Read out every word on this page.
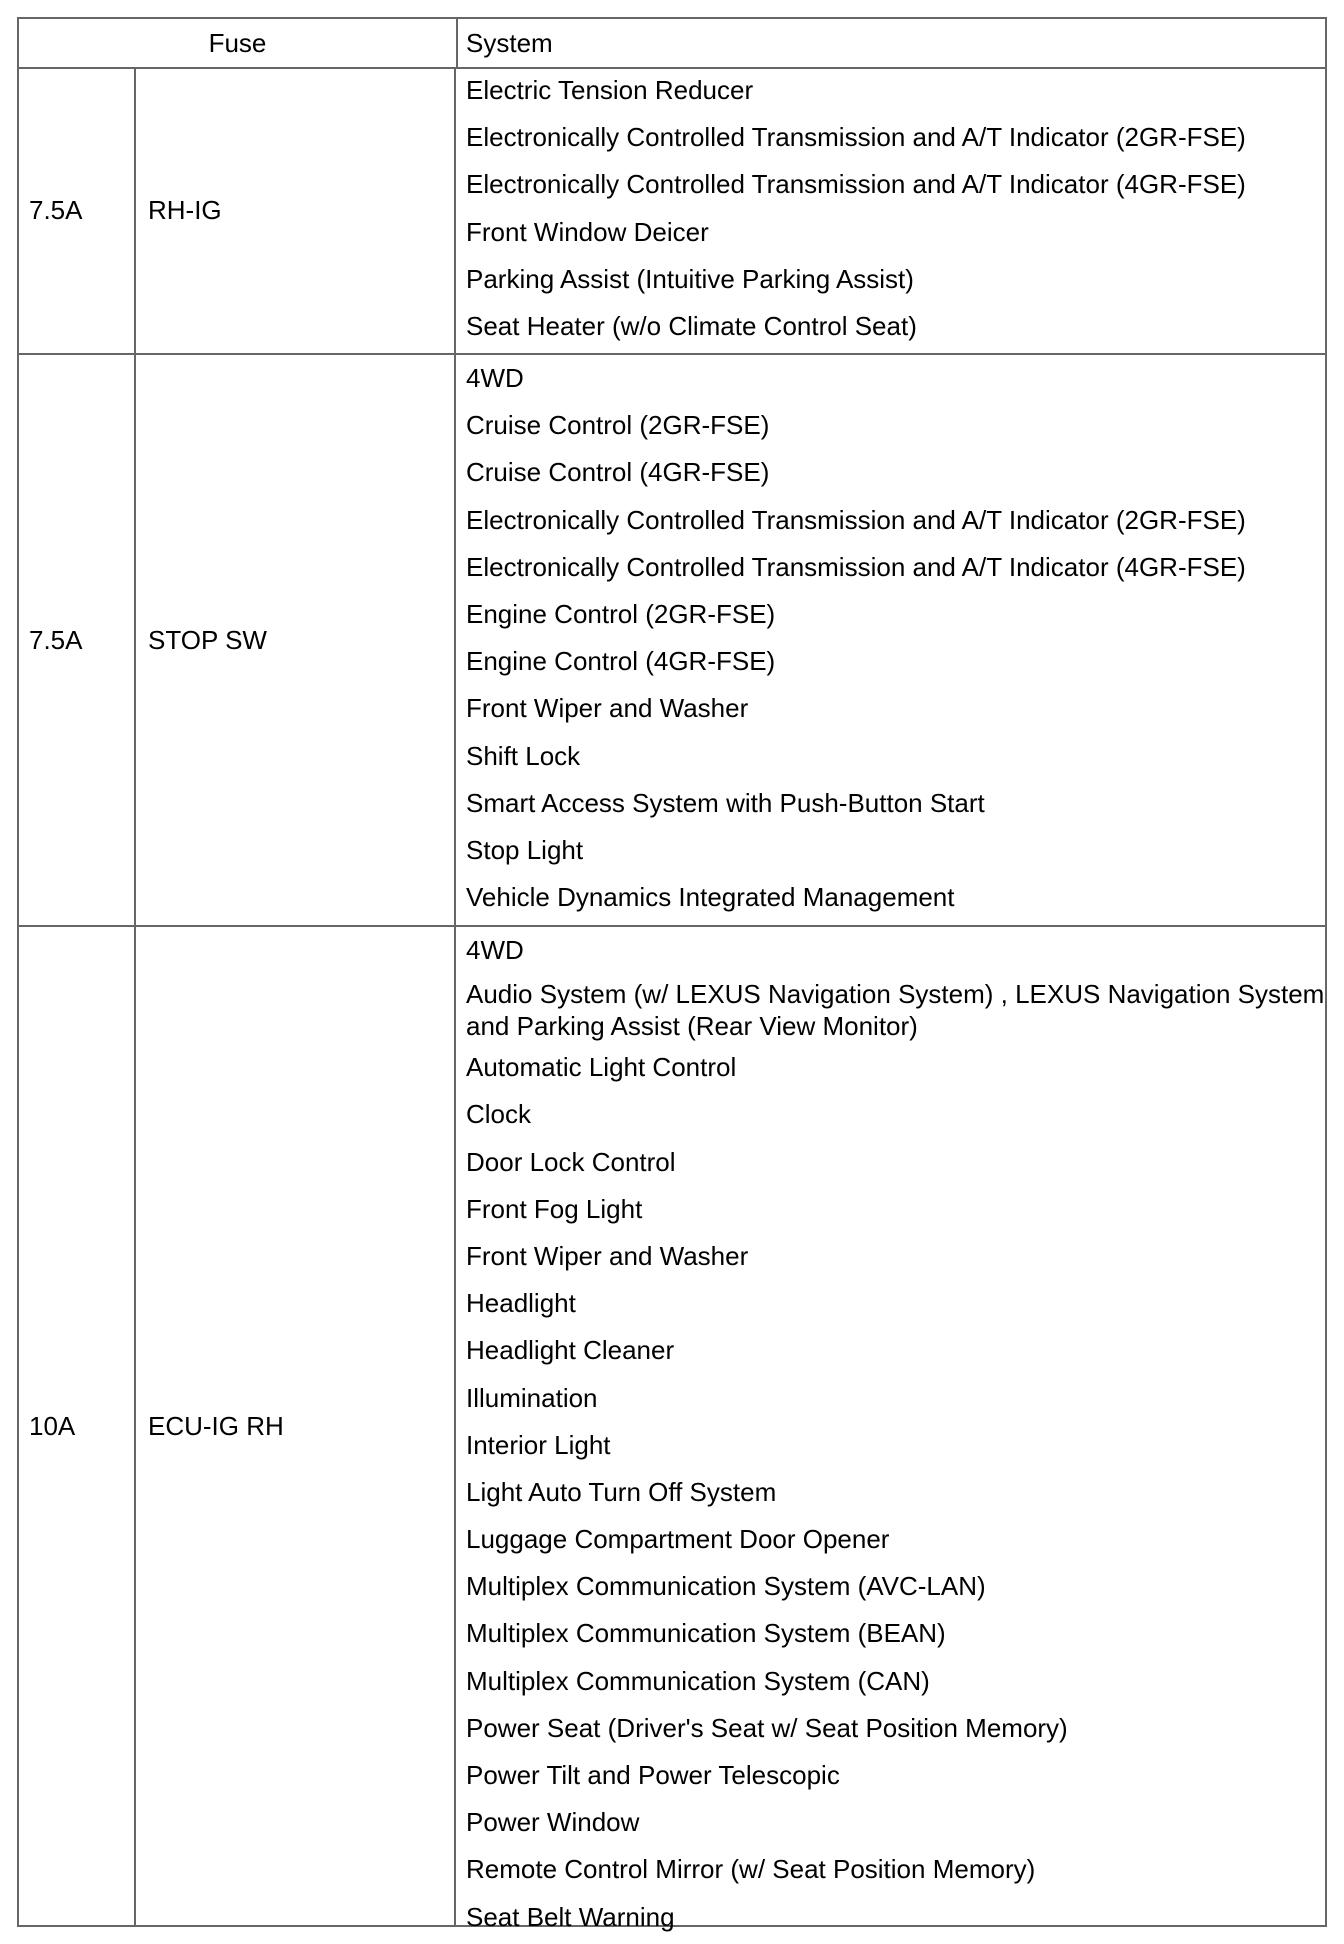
Fuse	System
7.5A	RH-IG
Electric Tension Reducer
Electronically Controlled Transmission and A/T Indicator (2GR-FSE)
Electronically Controlled Transmission and A/T Indicator (4GR-FSE)
Front Window Deicer
Parking Assist (Intuitive Parking Assist)
Seat Heater (w/o Climate Control Seat)
7.5A	STOP SW
4WD
Cruise Control (2GR-FSE)
Cruise Control (4GR-FSE)
Electronically Controlled Transmission and A/T Indicator (2GR-FSE)
Electronically Controlled Transmission and A/T Indicator (4GR-FSE)
Engine Control (2GR-FSE)
Engine Control (4GR-FSE)
Front Wiper and Washer
Shift Lock
Smart Access System with Push-Button Start
Stop Light
Vehicle Dynamics Integrated Management
10A	ECU-IG RH
4WD
Audio System (w/ LEXUS Navigation System) , LEXUS Navigation System and Parking Assist (Rear View Monitor)
Automatic Light Control
Clock
Door Lock Control
Front Fog Light
Front Wiper and Washer
Headlight
Headlight Cleaner
Illumination
Interior Light
Light Auto Turn Off System
Luggage Compartment Door Opener
Multiplex Communication System (AVC-LAN)
Multiplex Communication System (BEAN)
Multiplex Communication System (CAN)
Power Seat (Driver's Seat w/ Seat Position Memory)
Power Tilt and Power Telescopic
Power Window
Remote Control Mirror (w/ Seat Position Memory)
Seat Belt Warning
